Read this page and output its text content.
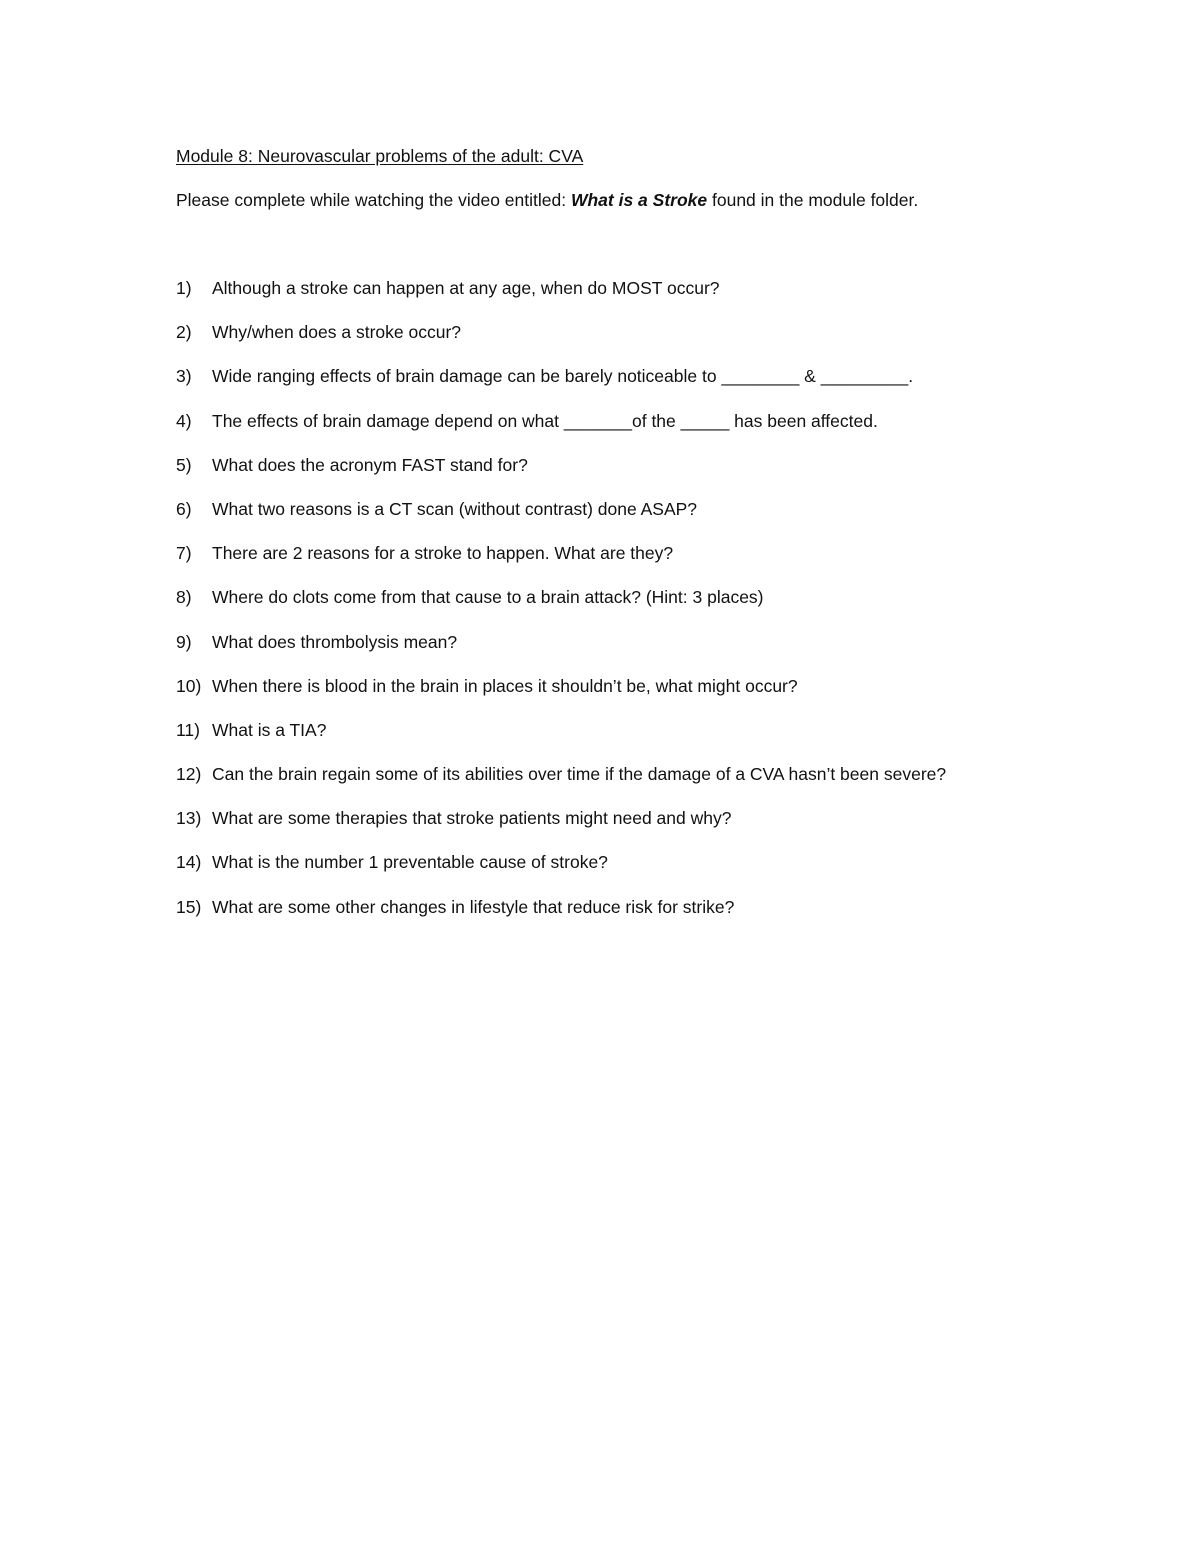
Module 8: Neurovascular problems of the adult: CVA

Please complete while watching the video entitled: What is a Stroke found in the module folder.

1)	Although a stroke can happen at any age, when do MOST occur?
2)	Why/when does a stroke occur?
3)	Wide ranging effects of brain damage can be barely noticeable to ________ & _________.
4)	The effects of brain damage depend on what _______of the _____ has been affected.
5)	What does the acronym FAST stand for?
6)	What two reasons is a CT scan (without contrast) done ASAP?
7)	There are 2 reasons for a stroke to happen. What are they?
8)	Where do clots come from that cause to a brain attack? (Hint: 3 places)
9)	What does thrombolysis mean?
10) When there is blood in the brain in places it shouldn’t be, what might occur?
11) What is a TIA?
12) Can the brain regain some of its abilities over time if the damage of a CVA hasn’t been severe?
13) What are some therapies that stroke patients might need and why?
14) What is the number 1 preventable cause of stroke?
15) What are some other changes in lifestyle that reduce risk for strike?
